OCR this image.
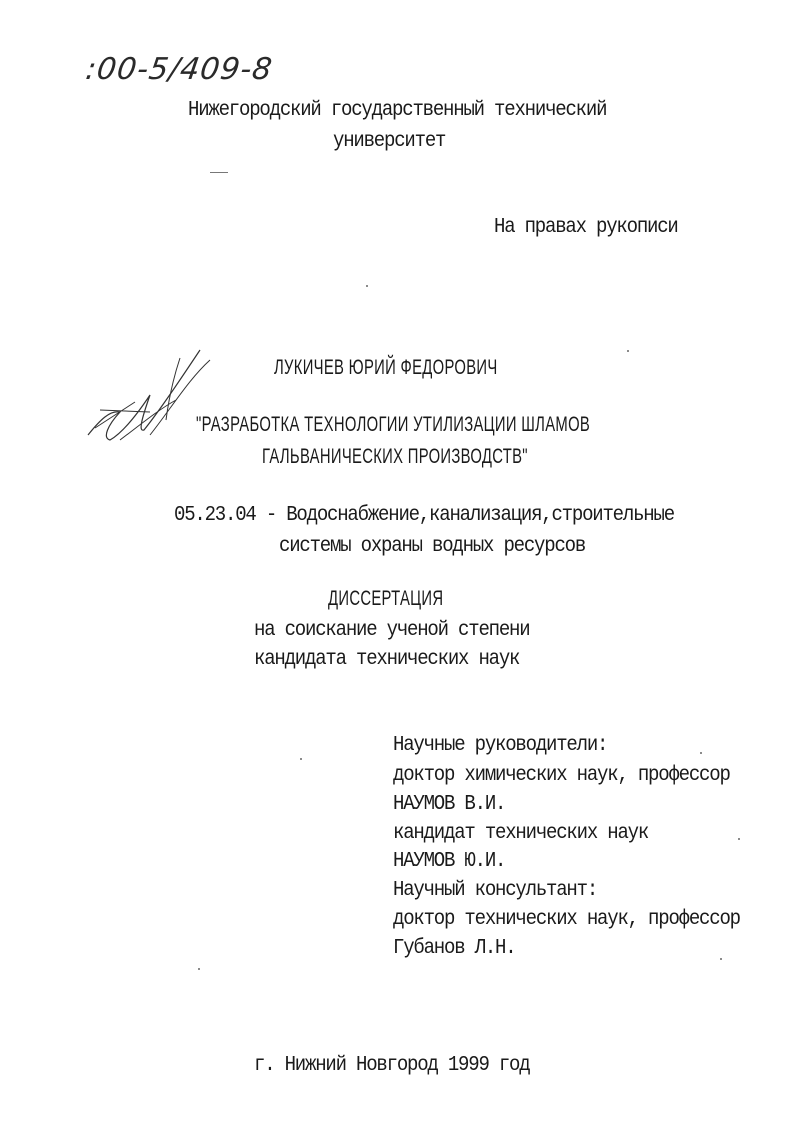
:00-5/409-8
Нижегородский государственный технический
университет
На правах рукописи
ЛУКИЧЕВ ЮРИЙ ФЕДОРОВИЧ
"РАЗРАБОТКА ТЕХНОЛОГИИ УТИЛИЗАЦИИ ШЛАМОВ
ГАЛЬВАНИЧЕСКИХ ПРОИЗВОДСТВ"
05.23.04 - Водоснабжение,канализация,строительные
системы охраны водных ресурсов
ДИССЕРТАЦИЯ
на соискание ученой степени
кандидата технических наук
Научные руководители:
доктор химических наук, профессор
НАУМОВ В.И.
кандидат технических наук
НАУМОВ Ю.И.
Научный консультант:
доктор технических наук, профессор
Губанов Л.Н.
г. Нижний Новгород 1999 год
